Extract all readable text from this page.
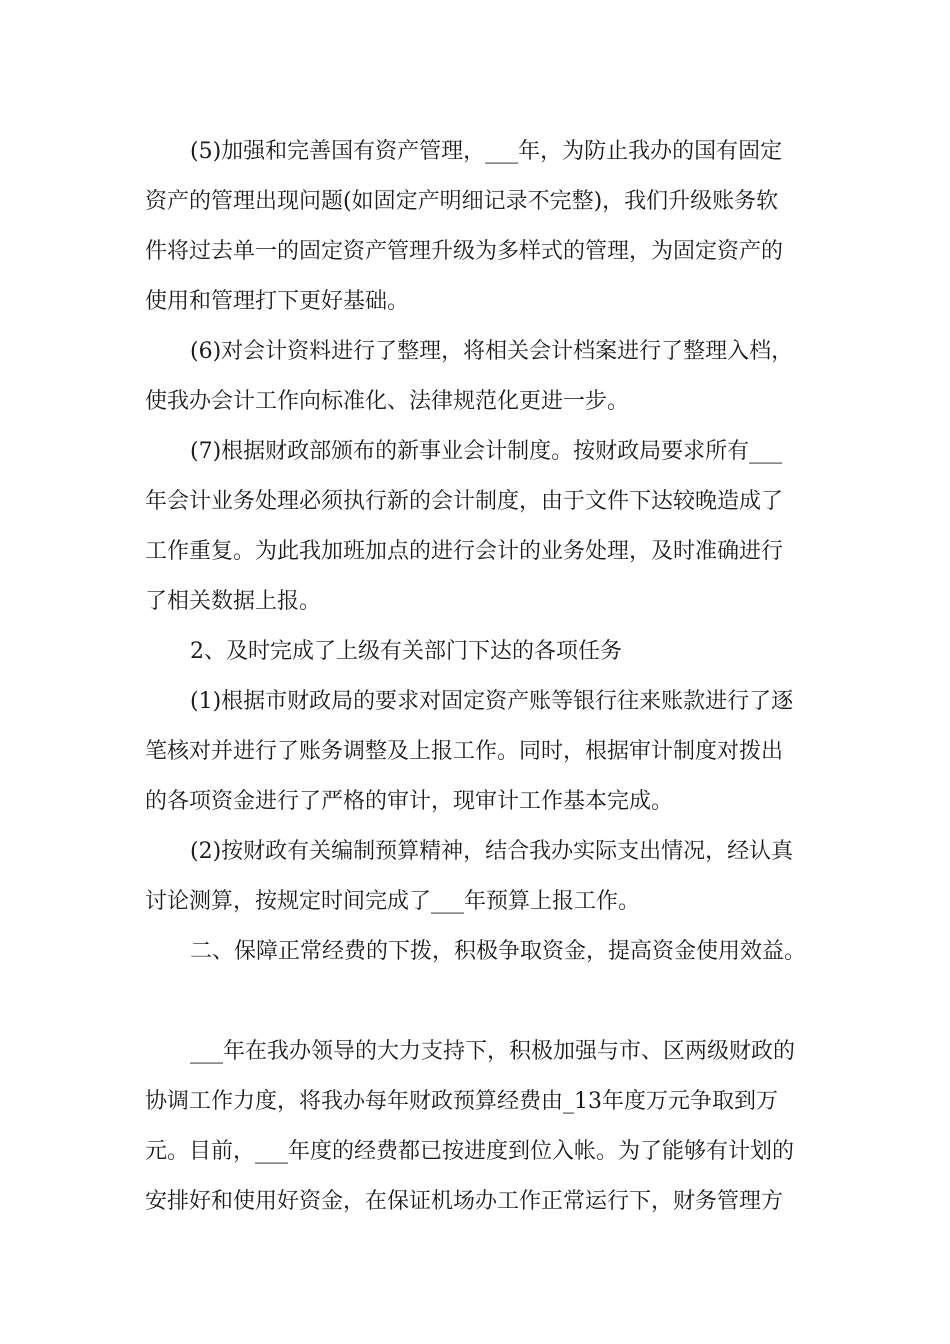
(5)加强和完善国有资产管理，___年，为防止我办的国有固定

资产的管理出现问题(如固定产明细记录不完整)，我们升级账务软

件将过去单一的固定资产管理升级为多样式的管理，为固定资产的

使用和管理打下更好基础。

(6)对会计资料进行了整理，将相关会计档案进行了整理入档，

使我办会计工作向标准化、法律规范化更进一步。

(7)根据财政部颁布的新事业会计制度。按财政局要求所有___

年会计业务处理必须执行新的会计制度，由于文件下达较晚造成了

工作重复。为此我加班加点的进行会计的业务处理，及时准确进行

了相关数据上报。

2、及时完成了上级有关部门下达的各项任务

(1)根据市财政局的要求对固定资产账等银行往来账款进行了逐

笔核对并进行了账务调整及上报工作。同时，根据审计制度对拨出

的各项资金进行了严格的审计，现审计工作基本完成。

(2)按财政有关编制预算精神，结合我办实际支出情况，经认真

讨论测算，按规定时间完成了___年预算上报工作。

二、保障正常经费的下拨，积极争取资金，提高资金使用效益。

___年在我办领导的大力支持下，积极加强与市、区两级财政的

协调工作力度，将我办每年财政预算经费由_13年度万元争取到万

元。目前，___年度的经费都已按进度到位入帐。为了能够有计划的

安排好和使用好资金，在保证机场办工作正常运行下，财务管理方
